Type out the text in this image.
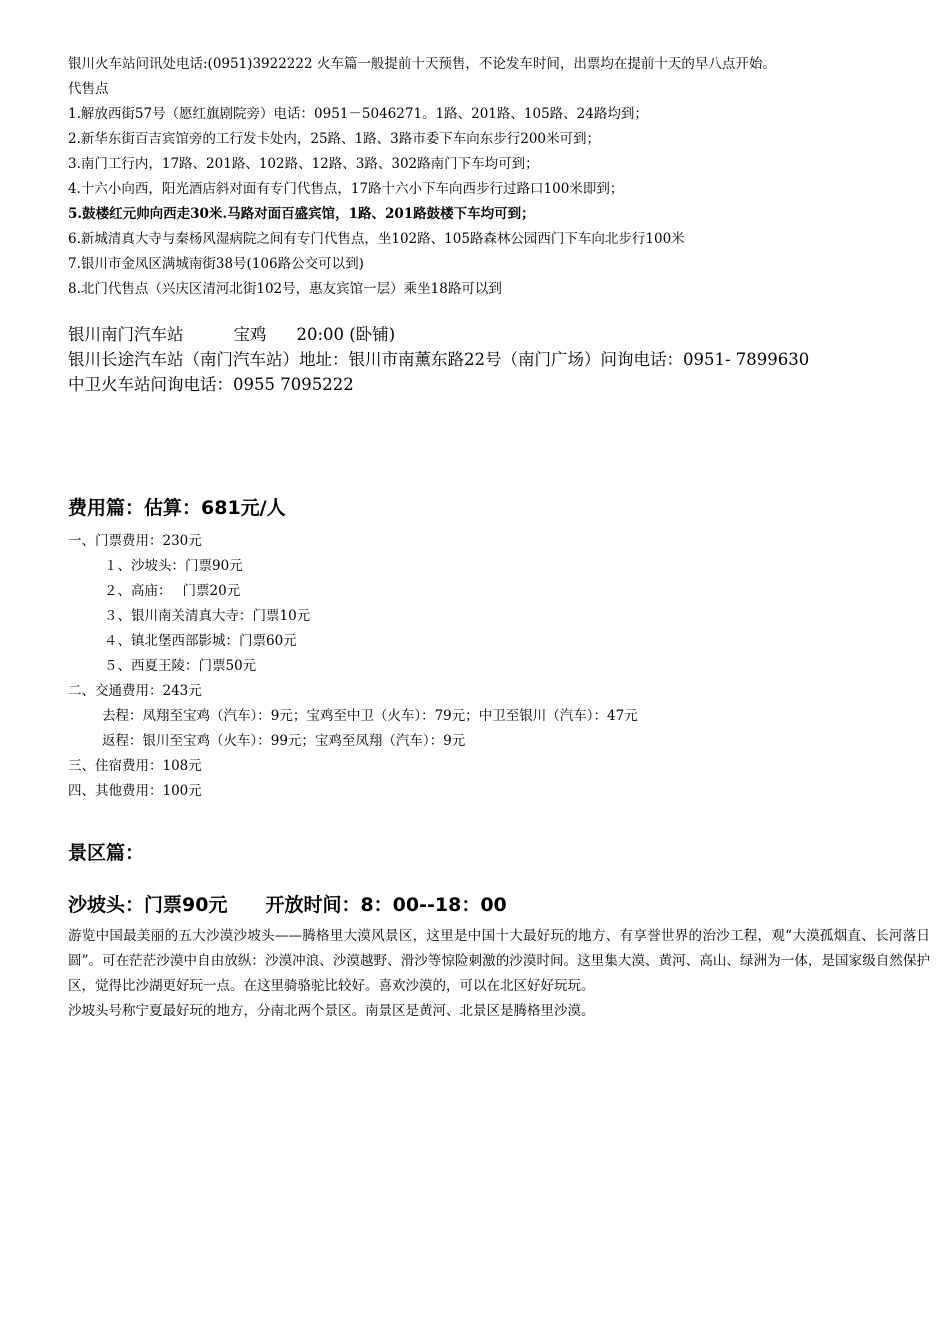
银川火车站问讯处电话:(0951)3922222 火车篇一般提前十天预售，不论发车时间，出票均在提前十天的早八点开始。
代售点
1.解放西街57号（愿红旗剧院旁）电话：0951－5046271。1路、201路、105路、24路均到；
2.新华东街百吉宾馆旁的工行发卡处内，25路、1路、3路市委下车向东步行200米可到；
3.南门工行内，17路、201路、102路、12路、3路、302路南门下车均可到；
4.十六小向西，阳光酒店斜对面有专门代售点，17路十六小下车向西步行过路口100米即到；
5.鼓楼红元帅向西走30米.马路对面百盛宾馆，1路、201路鼓楼下车均可到；
6.新城清真大寺与秦杨风湿病院之间有专门代售点，坐102路、105路森林公园西门下车向北步行100米
7.银川市金凤区满城南街38号(106路公交可以到)
8.北门代售点（兴庆区清河北街102号，惠友宾馆一层）乘坐18路可以到
银川南门汽车站	宝鸡 20:00 (卧铺)
银川长途汽车站（南门汽车站）地址：银川市南薰东路22号（南门广场）问询电话：0951- 7899630
中卫火车站问询电话：0955 7095222
费用篇：估算：681元/人
一、门票费用：230元
１、沙坡头：门票90元
２、高庙：　 门票20元
３、银川南关清真大寺：门票10元
４、镇北堡西部影城：门票60元
５、西夏王陵：门票50元
二、交通费用：243元
去程：凤翔至宝鸡（汽车）：9元；宝鸡至中卫（火车）：79元；中卫至银川（汽车）：47元
返程：银川至宝鸡（火车）：99元；宝鸡至凤翔（汽车）：9元
三、住宿费用：108元
四、其他费用：100元
景区篇：
沙坡头：门票90元　　开放时间：8：00--18：00
游览中国最美丽的五大沙漠沙坡头——腾格里大漠风景区，这里是中国十大最好玩的地方、有享誉世界的治沙工程，观“大漠孤烟直、长河落日圆”。可在茫茫沙漠中自由放纵：沙漠冲浪、沙漠越野、滑沙等惊险刺激的沙漠时间。这里集大漠、黄河、高山、绿洲为一体，是国家级自然保护区，觉得比沙湖更好玩一点。在这里骑骆驼比较好。喜欢沙漠的，可以在北区好好玩玩。
沙坡头号称宁夏最好玩的地方，分南北两个景区。南景区是黄河、北景区是腾格里沙漠。
